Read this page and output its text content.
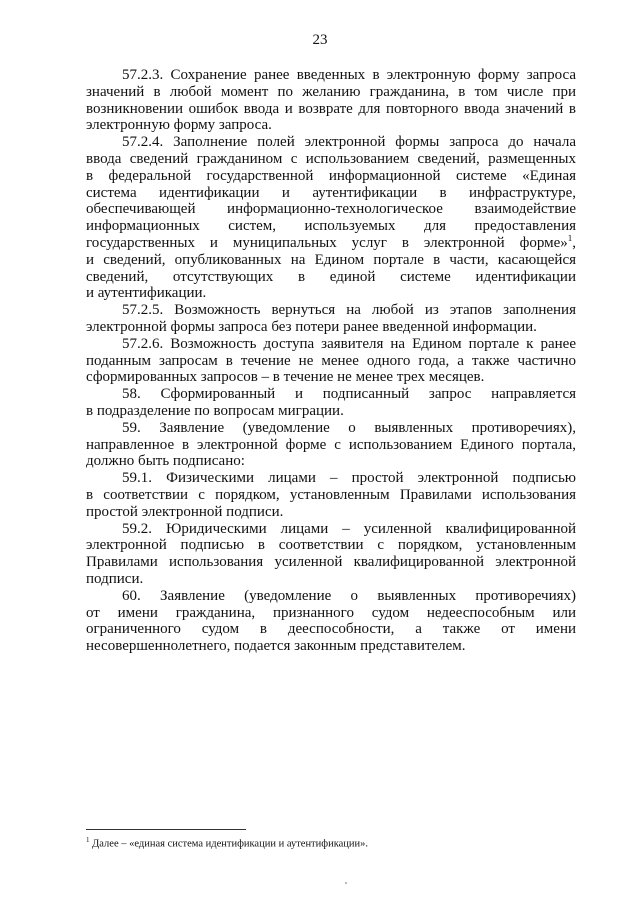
23
57.2.3. Сохранение ранее введенных в электронную форму запроса
значений в любой момент по желанию гражданина, в том числе при
возникновении ошибок ввода и возврате для повторного ввода значений в
электронную форму запроса.
57.2.4. Заполнение полей электронной формы запроса до начала
ввода сведений гражданином с использованием сведений, размещенных
в федеральной государственной информационной системе «Единая
система идентификации и аутентификации в инфраструктуре,
обеспечивающей информационно-технологическое взаимодействие
информационных систем, используемых для предоставления
государственных и муниципальных услуг в электронной форме»$^1$,
и сведений, опубликованных на Едином портале в части, касающейся
сведений, отсутствующих в единой системе идентификации
и аутентификации.
57.2.5. Возможность вернуться на любой из этапов заполнения
электронной формы запроса без потери ранее введенной информации.
57.2.6. Возможность доступа заявителя на Едином портале к ранее
поданным запросам в течение не менее одного года, а также частично
сформированных запросов – в течение не менее трех месяцев.
58. Сформированный и подписанный запрос направляется
в подразделение по вопросам миграции.
59. Заявление (уведомление о выявленных противоречиях),
направленное в электронной форме с использованием Единого портала,
должно быть подписано:
59.1. Физическими лицами – простой электронной подписью
в соответствии с порядком, установленным Правилами использования
простой электронной подписи.
59.2. Юридическими лицами – усиленной квалифицированной
электронной подписью в соответствии с порядком, установленным
Правилами использования усиленной квалифицированной электронной
подписи.
60. Заявление (уведомление о выявленных противоречиях)
от имени гражданина, признанного судом недееспособным или
ограниченного судом в дееспособности, а также от имени
несовершеннолетнего, подается законным представителем.
$^1$ Далее – «единая система идентификации и аутентификации».
